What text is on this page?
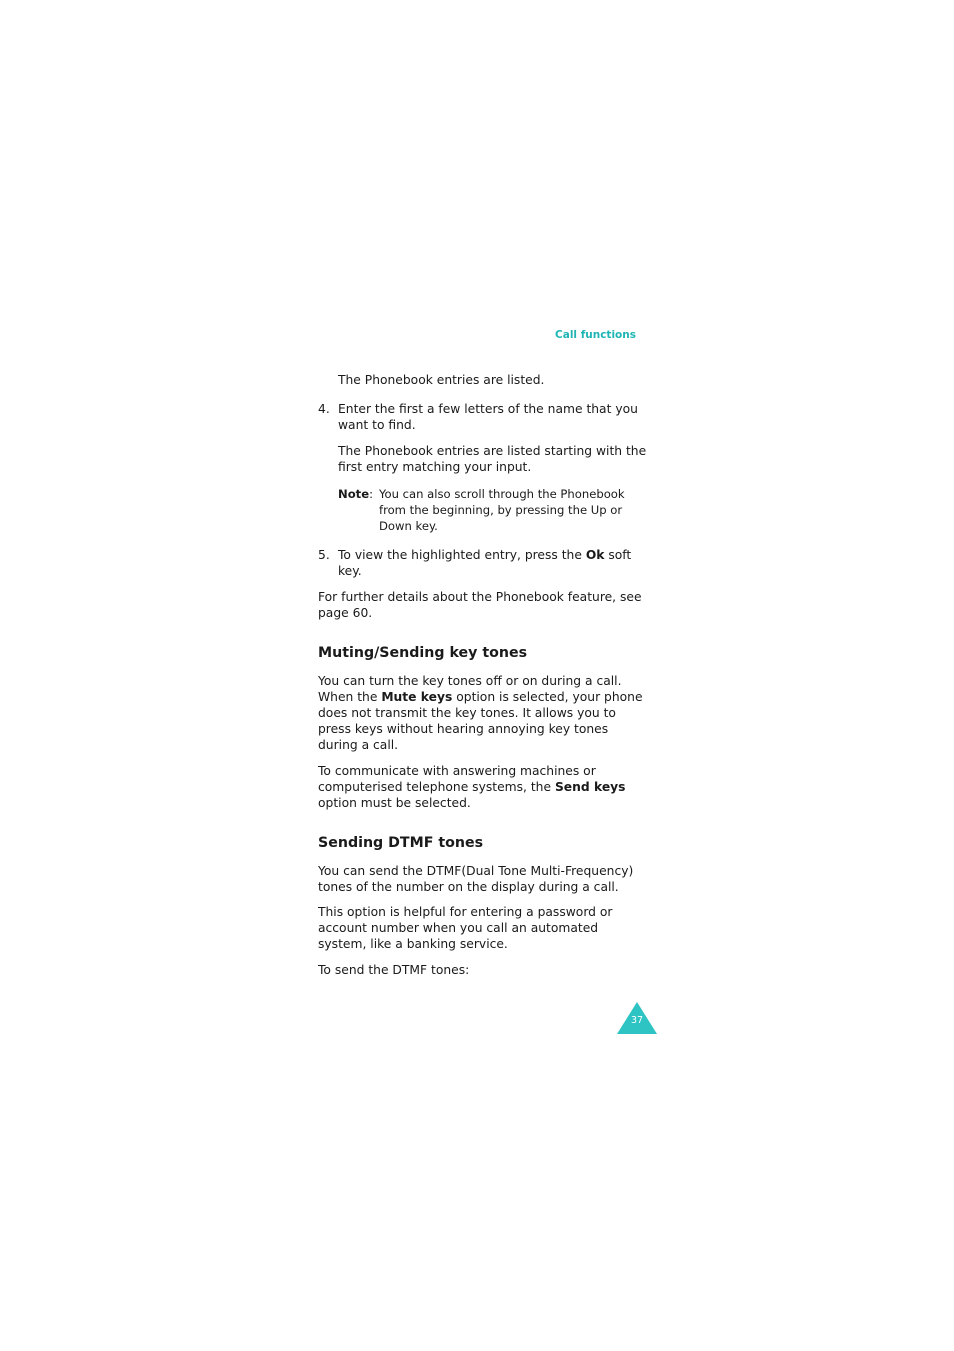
Call functions

The Phonebook entries are listed.

4. Enter the first a few letters of the name that you want to find.

The Phonebook entries are listed starting with the first entry matching your input.

Note: You can also scroll through the Phonebook from the beginning, by pressing the Up or Down key.
5. To view the highlighted entry, press the Ok soft key.

For further details about the Phonebook feature, see page 60.

Muting/Sending key tones

You can turn the key tones off or on during a call. When the Mute keys option is selected, your phone does not transmit the key tones. It allows you to press keys without hearing annoying key tones during a call.

To communicate with answering machines or computerised telephone systems, the Send keys option must be selected.

Sending DTMF tones

You can send the DTMF(Dual Tone Multi-Frequency) tones of the number on the display during a call.

This option is helpful for entering a password or account number when you call an automated system, like a banking service.

To send the DTMF tones:

37
